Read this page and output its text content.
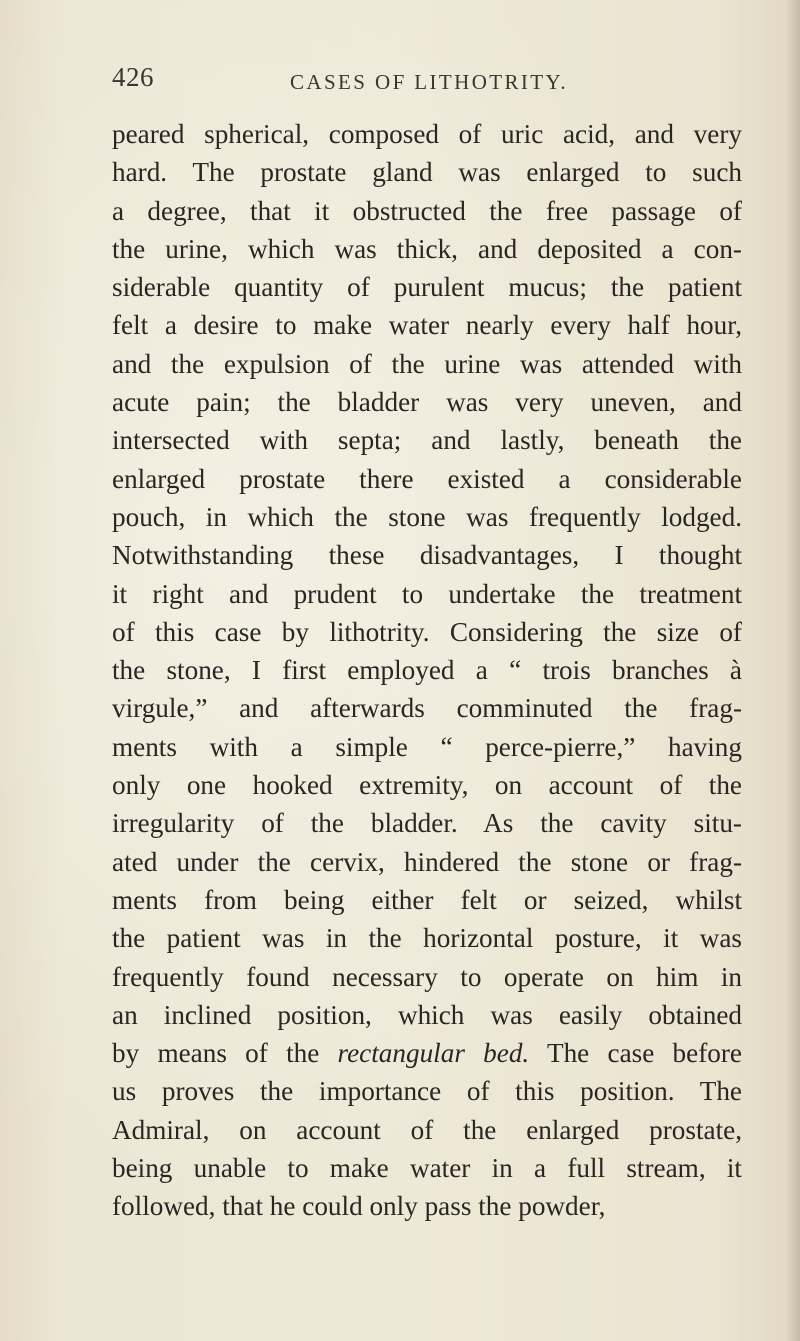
426	CASES OF LITHOTRITY.

peared spherical, composed of uric acid, and very
hard. The prostate gland was enlarged to such
a degree, that it obstructed the free passage of
the urine, which was thick, and deposited a con-
siderable quantity of purulent mucus; the patient
felt a desire to make water nearly every half hour,
and the expulsion of the urine was attended with
acute pain; the bladder was very uneven, and
intersected with septa; and lastly, beneath the
enlarged prostate there existed a considerable
pouch, in which the stone was frequently lodged.
Notwithstanding these disadvantages, I thought
it right and prudent to undertake the treatment
of this case by lithotrity. Considering the size of
the stone, I first employed a “ trois branches à
virgule,” and afterwards comminuted the frag-
ments with a simple “ perce-pierre,” having
only one hooked extremity, on account of the
irregularity of the bladder. As the cavity situ-
ated under the cervix, hindered the stone or frag-
ments from being either felt or seized, whilst
the patient was in the horizontal posture, it was
frequently found necessary to operate on him in
an inclined position, which was easily obtained
by means of the rectangular bed. The case before
us proves the importance of this position. The
Admiral, on account of the enlarged prostate,
being unable to make water in a full stream, it
followed, that he could only pass the powder,
